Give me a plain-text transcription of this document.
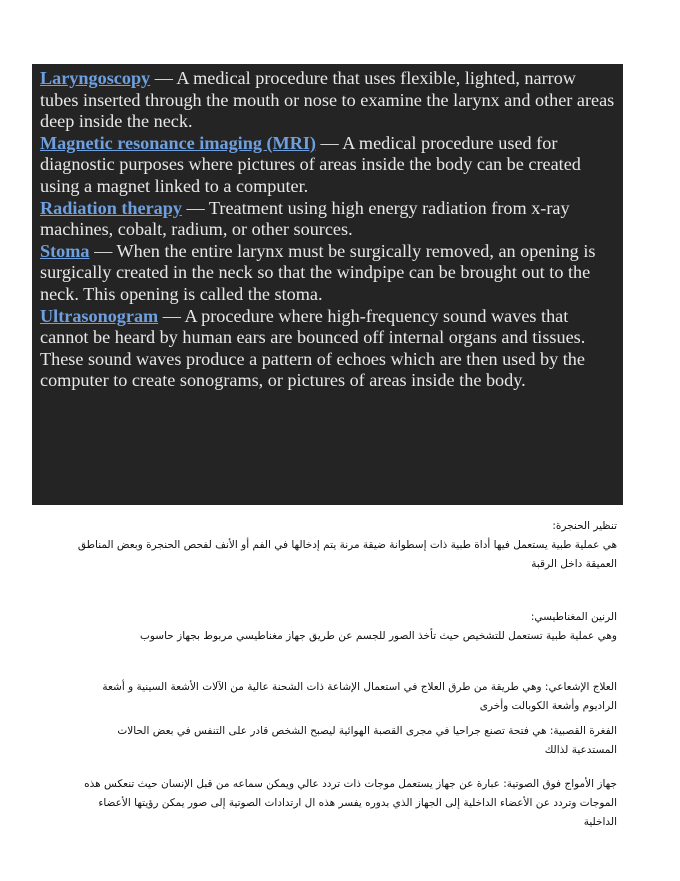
Laryngoscopy — A medical procedure that uses flexible, lighted, narrow tubes inserted through the mouth or nose to examine the larynx and other areas deep inside the neck.

Magnetic resonance imaging (MRI) — A medical procedure used for diagnostic purposes where pictures of areas inside the body can be created using a magnet linked to a computer.

Radiation therapy — Treatment using high energy radiation from x-ray machines, cobalt, radium, or other sources.

Stoma — When the entire larynx must be surgically removed, an opening is surgically created in the neck so that the windpipe can be brought out to the neck. This opening is called the stoma.

Ultrasonogram — A procedure where high-frequency sound waves that cannot be heard by human ears are bounced off internal organs and tissues. These sound waves produce a pattern of echoes which are then used by the computer to create sonograms, or pictures of areas inside the body.

تنظير الحنجرة:
هي عملية طبية يستعمل فيها أداة طبية ذات إسطوانة ضيقة مرنة يتم إدخالها في الفم أو الأنف لفحص الحنجرة وبعض المناطق العميقة داخل الرقبة
الرنين المغناطيسي:
وهي عملية طبية تستعمل للتشخيص حيث تأخذ الصور للجسم عن طريق جهاز مغناطيسي مربوط بجهاز حاسوب
العلاج الإشعاعي: وهي طريقة من طرق العلاج في استعمال الإشاعة ذات الشحنة عالية من الآلات الأشعة السينية و أشعة الراديوم وأشعة الكوبالت وأخرى
الفغرة القصبية: هي فتحة تصنع جراحيا في مجرى القصبة الهوائية ليصبح الشخص قادر على التنفس في بعض الحالات المستدعية لذالك
جهاز الأمواج فوق الصوتية: عبارة عن جهاز يستعمل موجات ذات تردد عالي ويمكن سماعه من قبل الإنسان حيث تنعكس هذه الموجات وتردد عن الأعضاء الداخلية إلى الجهاز الذي بدوره يفسر هذه ال ارتدادات الصوتية إلى صور يمكن رؤيتها الأعضاء الداخلية
